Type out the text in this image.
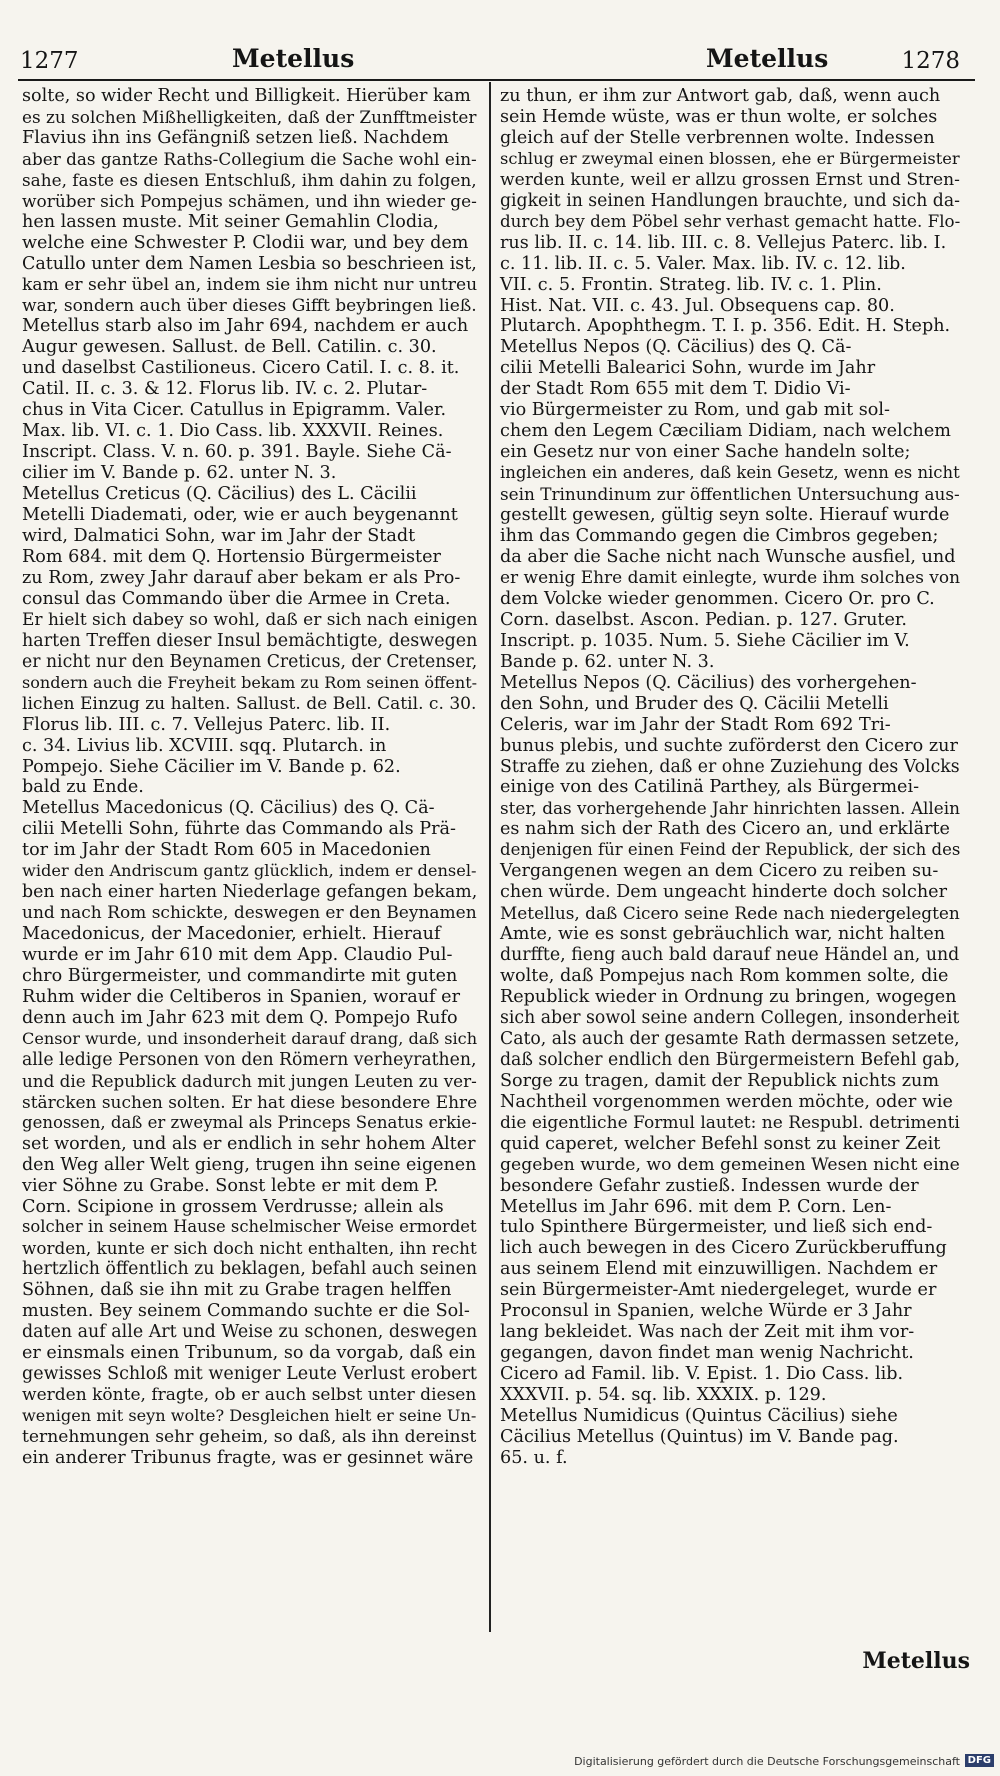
1277	Metellus	Metellus	1278
solte, so wider Recht und Billigkeit. Hierüber kam
es zu solchen Mißhelligkeiten, daß der Zunfftmeister
Flavius ihn ins Gefängniß setzen ließ. Nachdem
aber das gantze Raths-Collegium die Sache wohl ein-
sahe, faste es diesen Entschluß, ihm dahin zu folgen,
worüber sich Pompejus schämen, und ihn wieder ge-
hen lassen muste. Mit seiner Gemahlin Clodia,
welche eine Schwester P. Clodii war, und bey dem
Catullo unter dem Namen Lesbia so beschrieen ist,
kam er sehr übel an, indem sie ihm nicht nur untreu
war, sondern auch über dieses Gifft beybringen ließ.
Metellus starb also im Jahr 694, nachdem er auch
Augur gewesen. Sallust. de Bell. Catilin. c. 30.
und daselbst Castilioneus. Cicero Catil. I. c. 8. it.
Catil. II. c. 3. & 12. Florus lib. IV. c. 2. Plutar-
chus in Vita Cicer. Catullus in Epigramm. Valer.
Max. lib. VI. c. 1. Dio Cass. lib. XXXVII. Reines.
Inscript. Class. V. n. 60. p. 391. Bayle. Siehe Cä-
cilier im V. Bande p. 62. unter N. 3.
Metellus Creticus (Q. Cäcilius) des L. Cäcilii
Metelli Diademati, oder, wie er auch beygenannt
wird, Dalmatici Sohn, war im Jahr der Stadt
Rom 684. mit dem Q. Hortensio Bürgermeister
zu Rom, zwey Jahr darauf aber bekam er als Pro-
consul das Commando über die Armee in Creta.
Er hielt sich dabey so wohl, daß er sich nach einigen
harten Treffen dieser Insul bemächtigte, deswegen
er nicht nur den Beynamen Creticus, der Cretenser,
sondern auch die Freyheit bekam zu Rom seinen öffent-
lichen Einzug zu halten. Sallust. de Bell. Catil. c. 30.
Florus lib. III. c. 7. Vellejus Paterc. lib. II.
c. 34. Livius lib. XCVIII. sqq. Plutarch. in
Pompejo. Siehe Cäcilier im V. Bande p. 62.
bald zu Ende.
Metellus Macedonicus (Q. Cäcilius) des Q. Cä-
cilii Metelli Sohn, führte das Commando als Prä-
tor im Jahr der Stadt Rom 605 in Macedonien
wider den Andriscum gantz glücklich, indem er densel-
ben nach einer harten Niederlage gefangen bekam,
und nach Rom schickte, deswegen er den Beynamen
Macedonicus, der Macedonier, erhielt. Hierauf
wurde er im Jahr 610 mit dem App. Claudio Pul-
chro Bürgermeister, und commandirte mit guten
Ruhm wider die Celtiberos in Spanien, worauf er
denn auch im Jahr 623 mit dem Q. Pompejo Rufo
Censor wurde, und insonderheit darauf drang, daß sich
alle ledige Personen von den Römern verheyrathen,
und die Republick dadurch mit jungen Leuten zu ver-
stärcken suchen solten. Er hat diese besondere Ehre
genossen, daß er zweymal als Princeps Senatus erkie-
set worden, und als er endlich in sehr hohem Alter
den Weg aller Welt gieng, trugen ihn seine eigenen
vier Söhne zu Grabe. Sonst lebte er mit dem P.
Corn. Scipione in grossem Verdrusse; allein als
solcher in seinem Hause schelmischer Weise ermordet
worden, kunte er sich doch nicht enthalten, ihn recht
hertzlich öffentlich zu beklagen, befahl auch seinen
Söhnen, daß sie ihn mit zu Grabe tragen helffen
musten. Bey seinem Commando suchte er die Sol-
daten auf alle Art und Weise zu schonen, deswegen
er einsmals einen Tribunum, so da vorgab, daß ein
gewisses Schloß mit weniger Leute Verlust erobert
werden könte, fragte, ob er auch selbst unter diesen
wenigen mit seyn wolte? Desgleichen hielt er seine Un-
ternehmungen sehr geheim, so daß, als ihn dereinst
ein anderer Tribunus fragte, was er gesinnet wäre
zu thun, er ihm zur Antwort gab, daß, wenn auch
sein Hemde wüste, was er thun wolte, er solches
gleich auf der Stelle verbrennen wolte. Indessen
schlug er zweymal einen blossen, ehe er Bürgermeister
werden kunte, weil er allzu grossen Ernst und Stren-
gigkeit in seinen Handlungen brauchte, und sich da-
durch bey dem Pöbel sehr verhast gemacht hatte. Flo-
rus lib. II. c. 14. lib. III. c. 8. Vellejus Paterc. lib. I.
c. 11. lib. II. c. 5. Valer. Max. lib. IV. c. 12. lib.
VII. c. 5. Frontin. Strateg. lib. IV. c. 1. Plin.
Hist. Nat. VII. c. 43. Jul. Obsequens cap. 80.
Plutarch. Apophthegm. T. I. p. 356. Edit. H. Steph.
Metellus Nepos (Q. Cäcilius) des Q. Cä-
cilii Metelli Balearici Sohn, wurde im Jahr
der Stadt Rom 655 mit dem T. Didio Vi-
vio Bürgermeister zu Rom, und gab mit sol-
chem den Legem Cæciliam Didiam, nach welchem
ein Gesetz nur von einer Sache handeln solte;
ingleichen ein anderes, daß kein Gesetz, wenn es nicht
sein Trinundinum zur öffentlichen Untersuchung aus-
gestellt gewesen, gültig seyn solte. Hierauf wurde
ihm das Commando gegen die Cimbros gegeben;
da aber die Sache nicht nach Wunsche ausfiel, und
er wenig Ehre damit einlegte, wurde ihm solches von
dem Volcke wieder genommen. Cicero Or. pro C.
Corn. daselbst. Ascon. Pedian. p. 127. Gruter.
Inscript. p. 1035. Num. 5. Siehe Cäcilier im V.
Bande p. 62. unter N. 3.
Metellus Nepos (Q. Cäcilius) des vorhergehen-
den Sohn, und Bruder des Q. Cäcilii Metelli
Celeris, war im Jahr der Stadt Rom 692 Tri-
bunus plebis, und suchte zuförderst den Cicero zur
Straffe zu ziehen, daß er ohne Zuziehung des Volcks
einige von des Catilinä Parthey, als Bürgermei-
ster, das vorhergehende Jahr hinrichten lassen. Allein
es nahm sich der Rath des Cicero an, und erklärte
denjenigen für einen Feind der Republick, der sich des
Vergangenen wegen an dem Cicero zu reiben su-
chen würde. Dem ungeacht hinderte doch solcher
Metellus, daß Cicero seine Rede nach niedergelegten
Amte, wie es sonst gebräuchlich war, nicht halten
durffte, fieng auch bald darauf neue Händel an, und
wolte, daß Pompejus nach Rom kommen solte, die
Republick wieder in Ordnung zu bringen, wogegen
sich aber sowol seine andern Collegen, insonderheit
Cato, als auch der gesamte Rath dermassen setzete,
daß solcher endlich den Bürgermeistern Befehl gab,
Sorge zu tragen, damit der Republick nichts zum
Nachtheil vorgenommen werden möchte, oder wie
die eigentliche Formul lautet: ne Respubl. detrimenti
quid caperet, welcher Befehl sonst zu keiner Zeit
gegeben wurde, wo dem gemeinen Wesen nicht eine
besondere Gefahr zustieß. Indessen wurde der
Metellus im Jahr 696. mit dem P. Corn. Len-
tulo Spinthere Bürgermeister, und ließ sich end-
lich auch bewegen in des Cicero Zurückberuffung
aus seinem Elend mit einzuwilligen. Nachdem er
sein Bürgermeister-Amt niedergeleget, wurde er
Proconsul in Spanien, welche Würde er 3 Jahr
lang bekleidet. Was nach der Zeit mit ihm vor-
gegangen, davon findet man wenig Nachricht.
Cicero ad Famil. lib. V. Epist. 1. Dio Cass. lib.
XXXVII. p. 54. sq. lib. XXXIX. p. 129.
Metellus Numidicus (Quintus Cäcilius) siehe
Cäcilius Metellus (Quintus) im V. Bande pag.
65. u. f.
Metellus
Digitalisierung gefördert durch die Deutsche Forschungsgemeinschaft DFG
